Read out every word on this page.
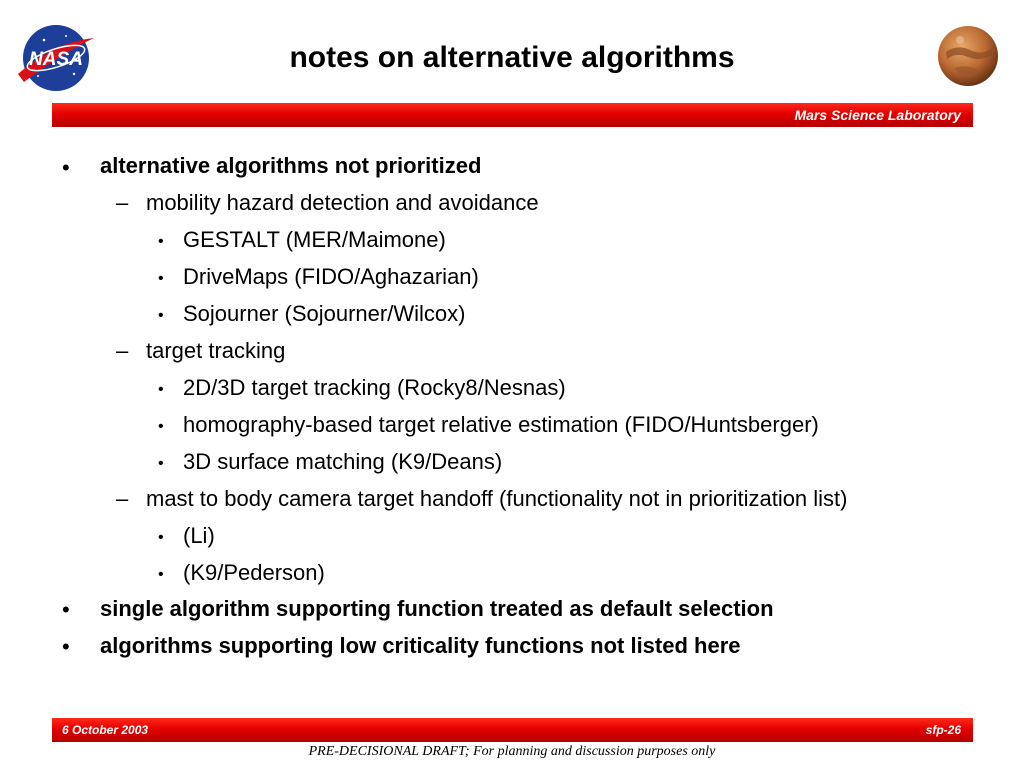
NASA	notes on alternative algorithms
Mars Science Laboratory
• alternative algorithms not prioritized
– mobility hazard detection and avoidance
• GESTALT (MER/Maimone)
• DriveMaps (FIDO/Aghazarian)
• Sojourner (Sojourner/Wilcox)
– target tracking
• 2D/3D target tracking (Rocky8/Nesnas)
• homography-based target relative estimation (FIDO/Huntsberger)
• 3D surface matching (K9/Deans)
– mast to body camera target handoff (functionality not in prioritization list)
• (Li)
• (K9/Pederson)
• single algorithm supporting function treated as default selection
• algorithms supporting low criticality functions not listed here
6 October 2003	sfp-26
PRE-DECISIONAL DRAFT; For planning and discussion purposes only
